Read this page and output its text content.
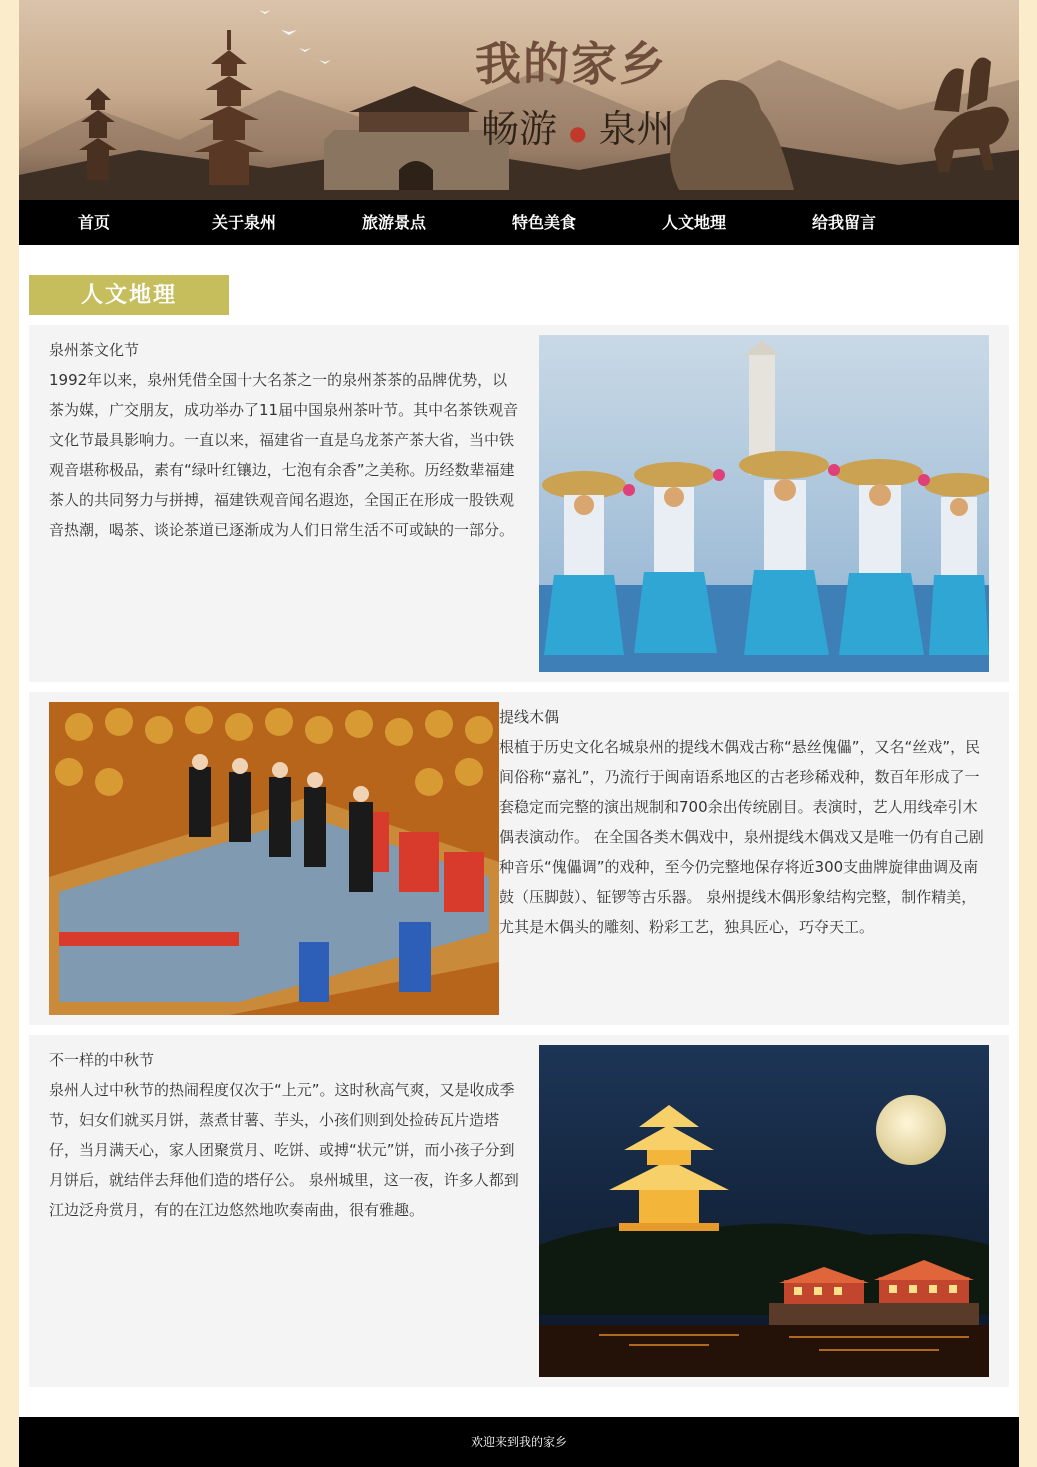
我的家乡
畅游 ● 泉州
首页	关于泉州	旅游景点	特色美食	人文地理	给我留言
人文地理
泉州茶文化节
1992年以来，泉州凭借全国十大名茶之一的泉州茶茶的品牌优势，以茶为媒，广交朋友，成功举办了11届中国泉州茶叶节。其中名茶铁观音文化节最具影响力。一直以来，福建省一直是乌龙茶产茶大省，当中铁观音堪称极品，素有“绿叶红镶边，七泡有余香”之美称。历经数辈福建茶人的共同努力与拼搏，福建铁观音闻名遐迩，全国正在形成一股铁观音热潮，喝茶、谈论茶道已逐渐成为人们日常生活不可或缺的一部分。
提线木偶
根植于历史文化名城泉州的提线木偶戏古称“悬丝傀儡”，又名“丝戏”，民间俗称“嘉礼”，乃流行于闽南语系地区的古老珍稀戏种，数百年形成了一套稳定而完整的演出规制和700余出传统剧目。表演时，艺人用线牵引木偶表演动作。 在全国各类木偶戏中，泉州提线木偶戏又是唯一仍有自己剧种音乐“傀儡调”的戏种，至今仍完整地保存将近300支曲牌旋律曲调及南鼓（压脚鼓）、钲锣等古乐器。 泉州提线木偶形象结构完整，制作精美，尤其是木偶头的雕刻、粉彩工艺，独具匠心，巧夺天工。
不一样的中秋节
泉州人过中秋节的热闹程度仅次于“上元”。这时秋高气爽，又是收成季节，妇女们就买月饼，蒸煮甘薯、芋头，小孩们则到处捡砖瓦片造塔仔，当月满天心，家人团聚赏月、吃饼、或搏“状元”饼，而小孩子分到月饼后，就结伴去拜他们造的塔仔公。 泉州城里，这一夜，许多人都到江边泛舟赏月，有的在江边悠然地吹奏南曲，很有雅趣。
欢迎来到我的家乡
